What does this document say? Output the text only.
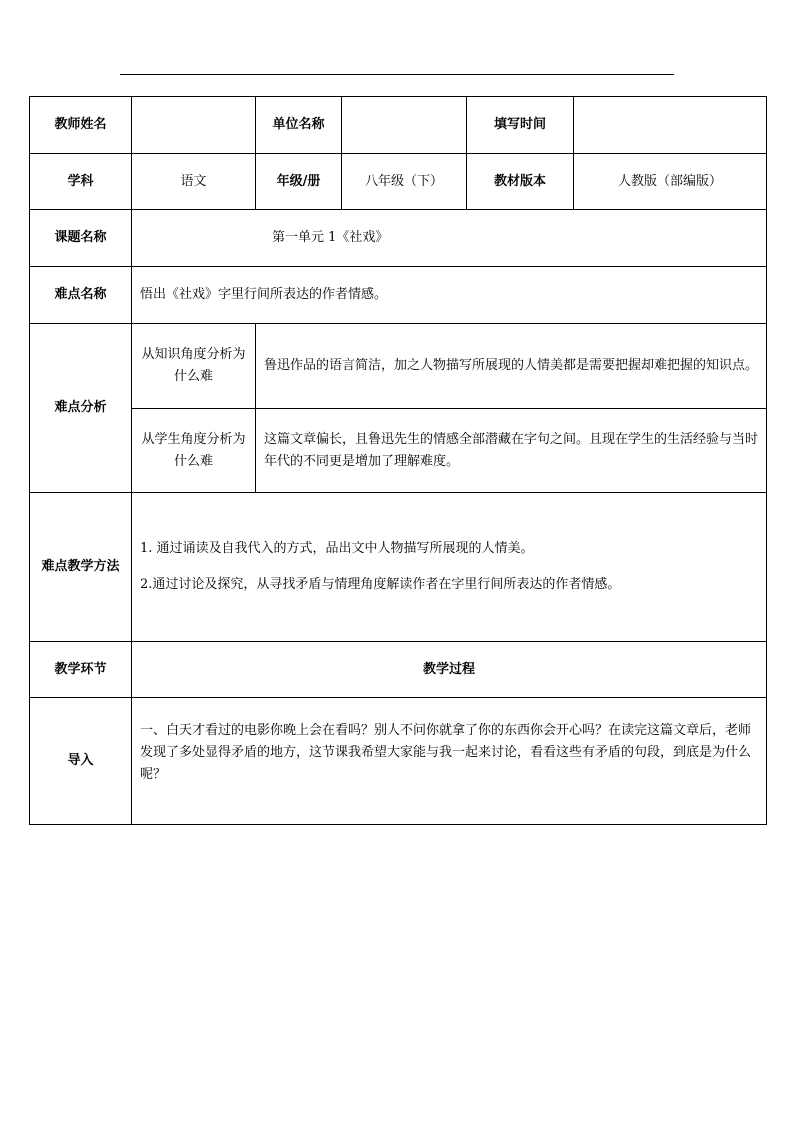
教师姓名		单位名称		填写时间	
学科	语文	年级/册	八年级（下）	教材版本	人教版（部编版）
课题名称	第一单元 1《社戏》				
难点名称	悟出《社戏》字里行间所表达的作者情感。				
难点分析	从知识角度分析为什么难	鲁迅作品的语言简洁，加之人物描写所展现的人情美都是需要把握却难把握的知识点。			
	从学生角度分析为什么难	这篇文章偏长，且鲁迅先生的情感全部潜藏在字句之间。且现在学生的生活经验与当时年代的不同更是增加了理解难度。			
难点教学方法	1. 通过诵读及自我代入的方式，品出文中人物描写所展现的人情美。

2.通过讨论及探究，从寻找矛盾与情理角度解读作者在字里行间所表达的作者情感。				

教学环节	教学过程				
导入	一、白天才看过的电影你晚上会在看吗？别人不问你就拿了你的东西你会开心吗？在读完这篇文章后，老师发现了多处显得矛盾的地方，这节课我希望大家能与我一起来讨论，看看这些有矛盾的句段，到底是为什么呢？				
